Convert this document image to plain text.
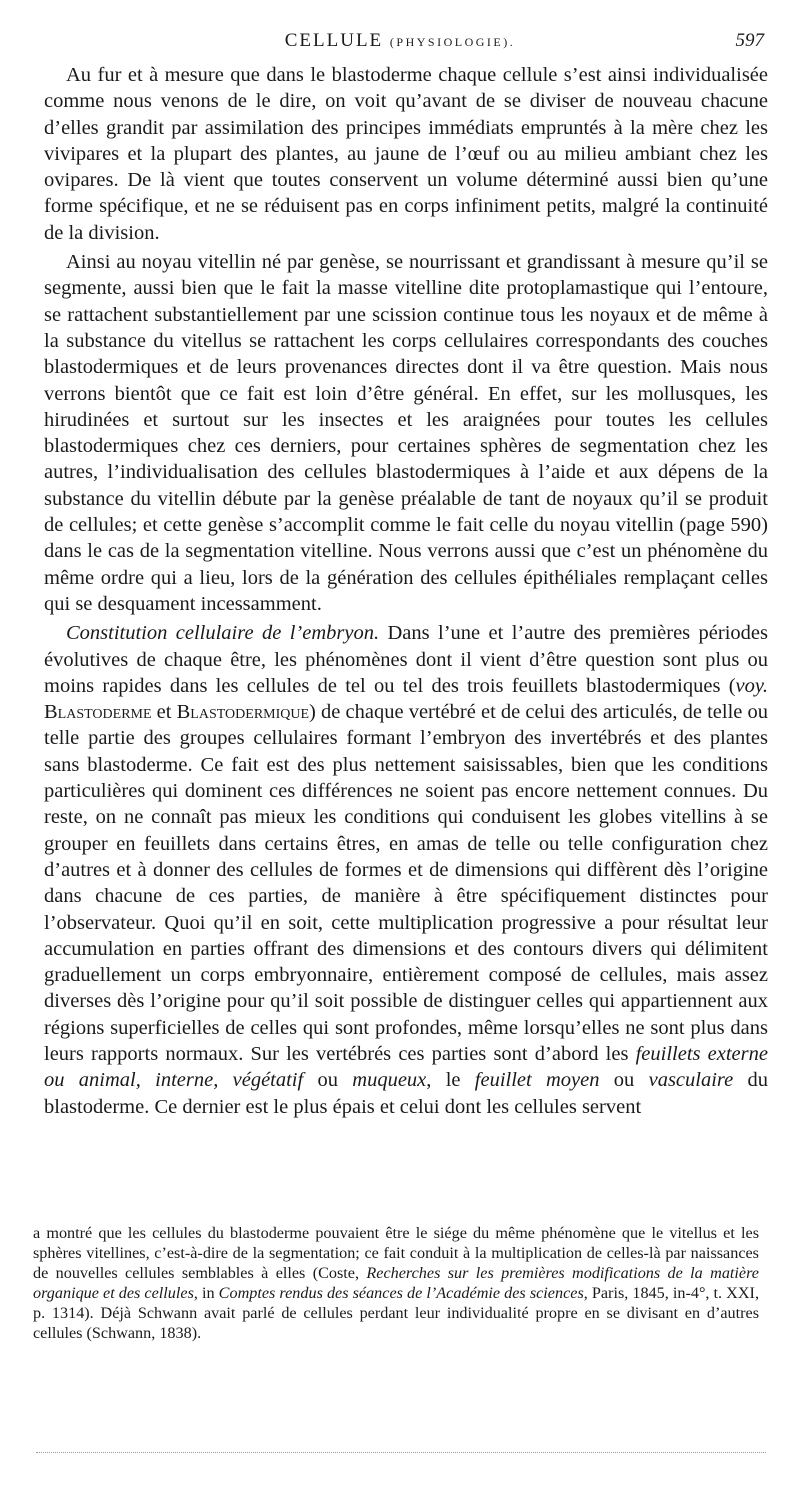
CELLULE (PHYSIOLOGIE).	597

Au fur et à mesure que dans le blastoderme chaque cellule s’est ainsi individualisée comme nous venons de le dire, on voit qu’avant de se diviser de nouveau chacune d’elles grandit par assimilation des principes immédiats empruntés à la mère chez les vivipares et la plupart des plantes, au jaune de l’œuf ou au milieu ambiant chez les ovipares. De là vient que toutes conservent un volume déterminé aussi bien qu’une forme spécifique, et ne se réduisent pas en corps infiniment petits, malgré la continuité de la division.

Ainsi au noyau vitellin né par genèse, se nourrissant et grandissant à mesure qu’il se segmente, aussi bien que le fait la masse vitelline dite protoplamastique qui l’entoure, se rattachent substantiellement par une scission continue tous les noyaux et de même à la substance du vitellus se rattachent les corps cellulaires correspondants des couches blastodermiques et de leurs provenances directes dont il va être question. Mais nous verrons bientôt que ce fait est loin d’être général. En effet, sur les mollusques, les hirudinées et surtout sur les insectes et les araignées pour toutes les cellules blastodermiques chez ces derniers, pour certaines sphères de segmentation chez les autres, l’individualisation des cellules blastodermiques à l’aide et aux dépens de la substance du vitellin débute par la genèse préalable de tant de noyaux qu’il se produit de cellules; et cette genèse s’accomplit comme le fait celle du noyau vitellin (page 590) dans le cas de la segmentation vitelline. Nous verrons aussi que c’est un phénomène du même ordre qui a lieu, lors de la génération des cellules épithéliales remplaçant celles qui se desquament incessamment.

Constitution cellulaire de l’embryon. Dans l’une et l’autre des premières périodes évolutives de chaque être, les phénomènes dont il vient d’être question sont plus ou moins rapides dans les cellules de tel ou tel des trois feuillets blastodermiques (voy. Blastoderme et Blastodermique) de chaque vertébré et de celui des articulés, de telle ou telle partie des groupes cellulaires formant l’embryon des invertébrés et des plantes sans blastoderme. Ce fait est des plus nettement saisissables, bien que les conditions particulières qui dominent ces différences ne soient pas encore nettement connues. Du reste, on ne connaît pas mieux les conditions qui conduisent les globes vitellins à se grouper en feuillets dans certains êtres, en amas de telle ou telle configuration chez d’autres et à donner des cellules de formes et de dimensions qui diffèrent dès l’origine dans chacune de ces parties, de manière à être spécifiquement distinctes pour l’observateur. Quoi qu’il en soit, cette multiplication progressive a pour résultat leur accumulation en parties offrant des dimensions et des contours divers qui délimitent graduellement un corps embryonnaire, entièrement composé de cellules, mais assez diverses dès l’origine pour qu’il soit possible de distinguer celles qui appartiennent aux régions superficielles de celles qui sont profondes, même lorsqu’elles ne sont plus dans leurs rapports normaux. Sur les vertébrés ces parties sont d’abord les feuillets externe ou animal, interne, végétatif ou muqueux, le feuillet moyen ou vasculaire du blastoderme. Ce dernier est le plus épais et celui dont les cellules servent

a montré que les cellules du blastoderme pouvaient être le siége du même phénomène que le vitellus et les sphères vitellines, c’est-à-dire de la segmentation; ce fait conduit à la multiplication de celles-là par naissances de nouvelles cellules semblables à elles (Coste, Recherches sur les premières modifications de la matière organique et des cellules, in Comptes rendus des séances de l’Académie des sciences, Paris, 1845, in-4°, t. XXI, p. 1314). Déjà Schwann avait parlé de cellules perdant leur individualité propre en se divisant en d’autres cellules (Schwann, 1838).
